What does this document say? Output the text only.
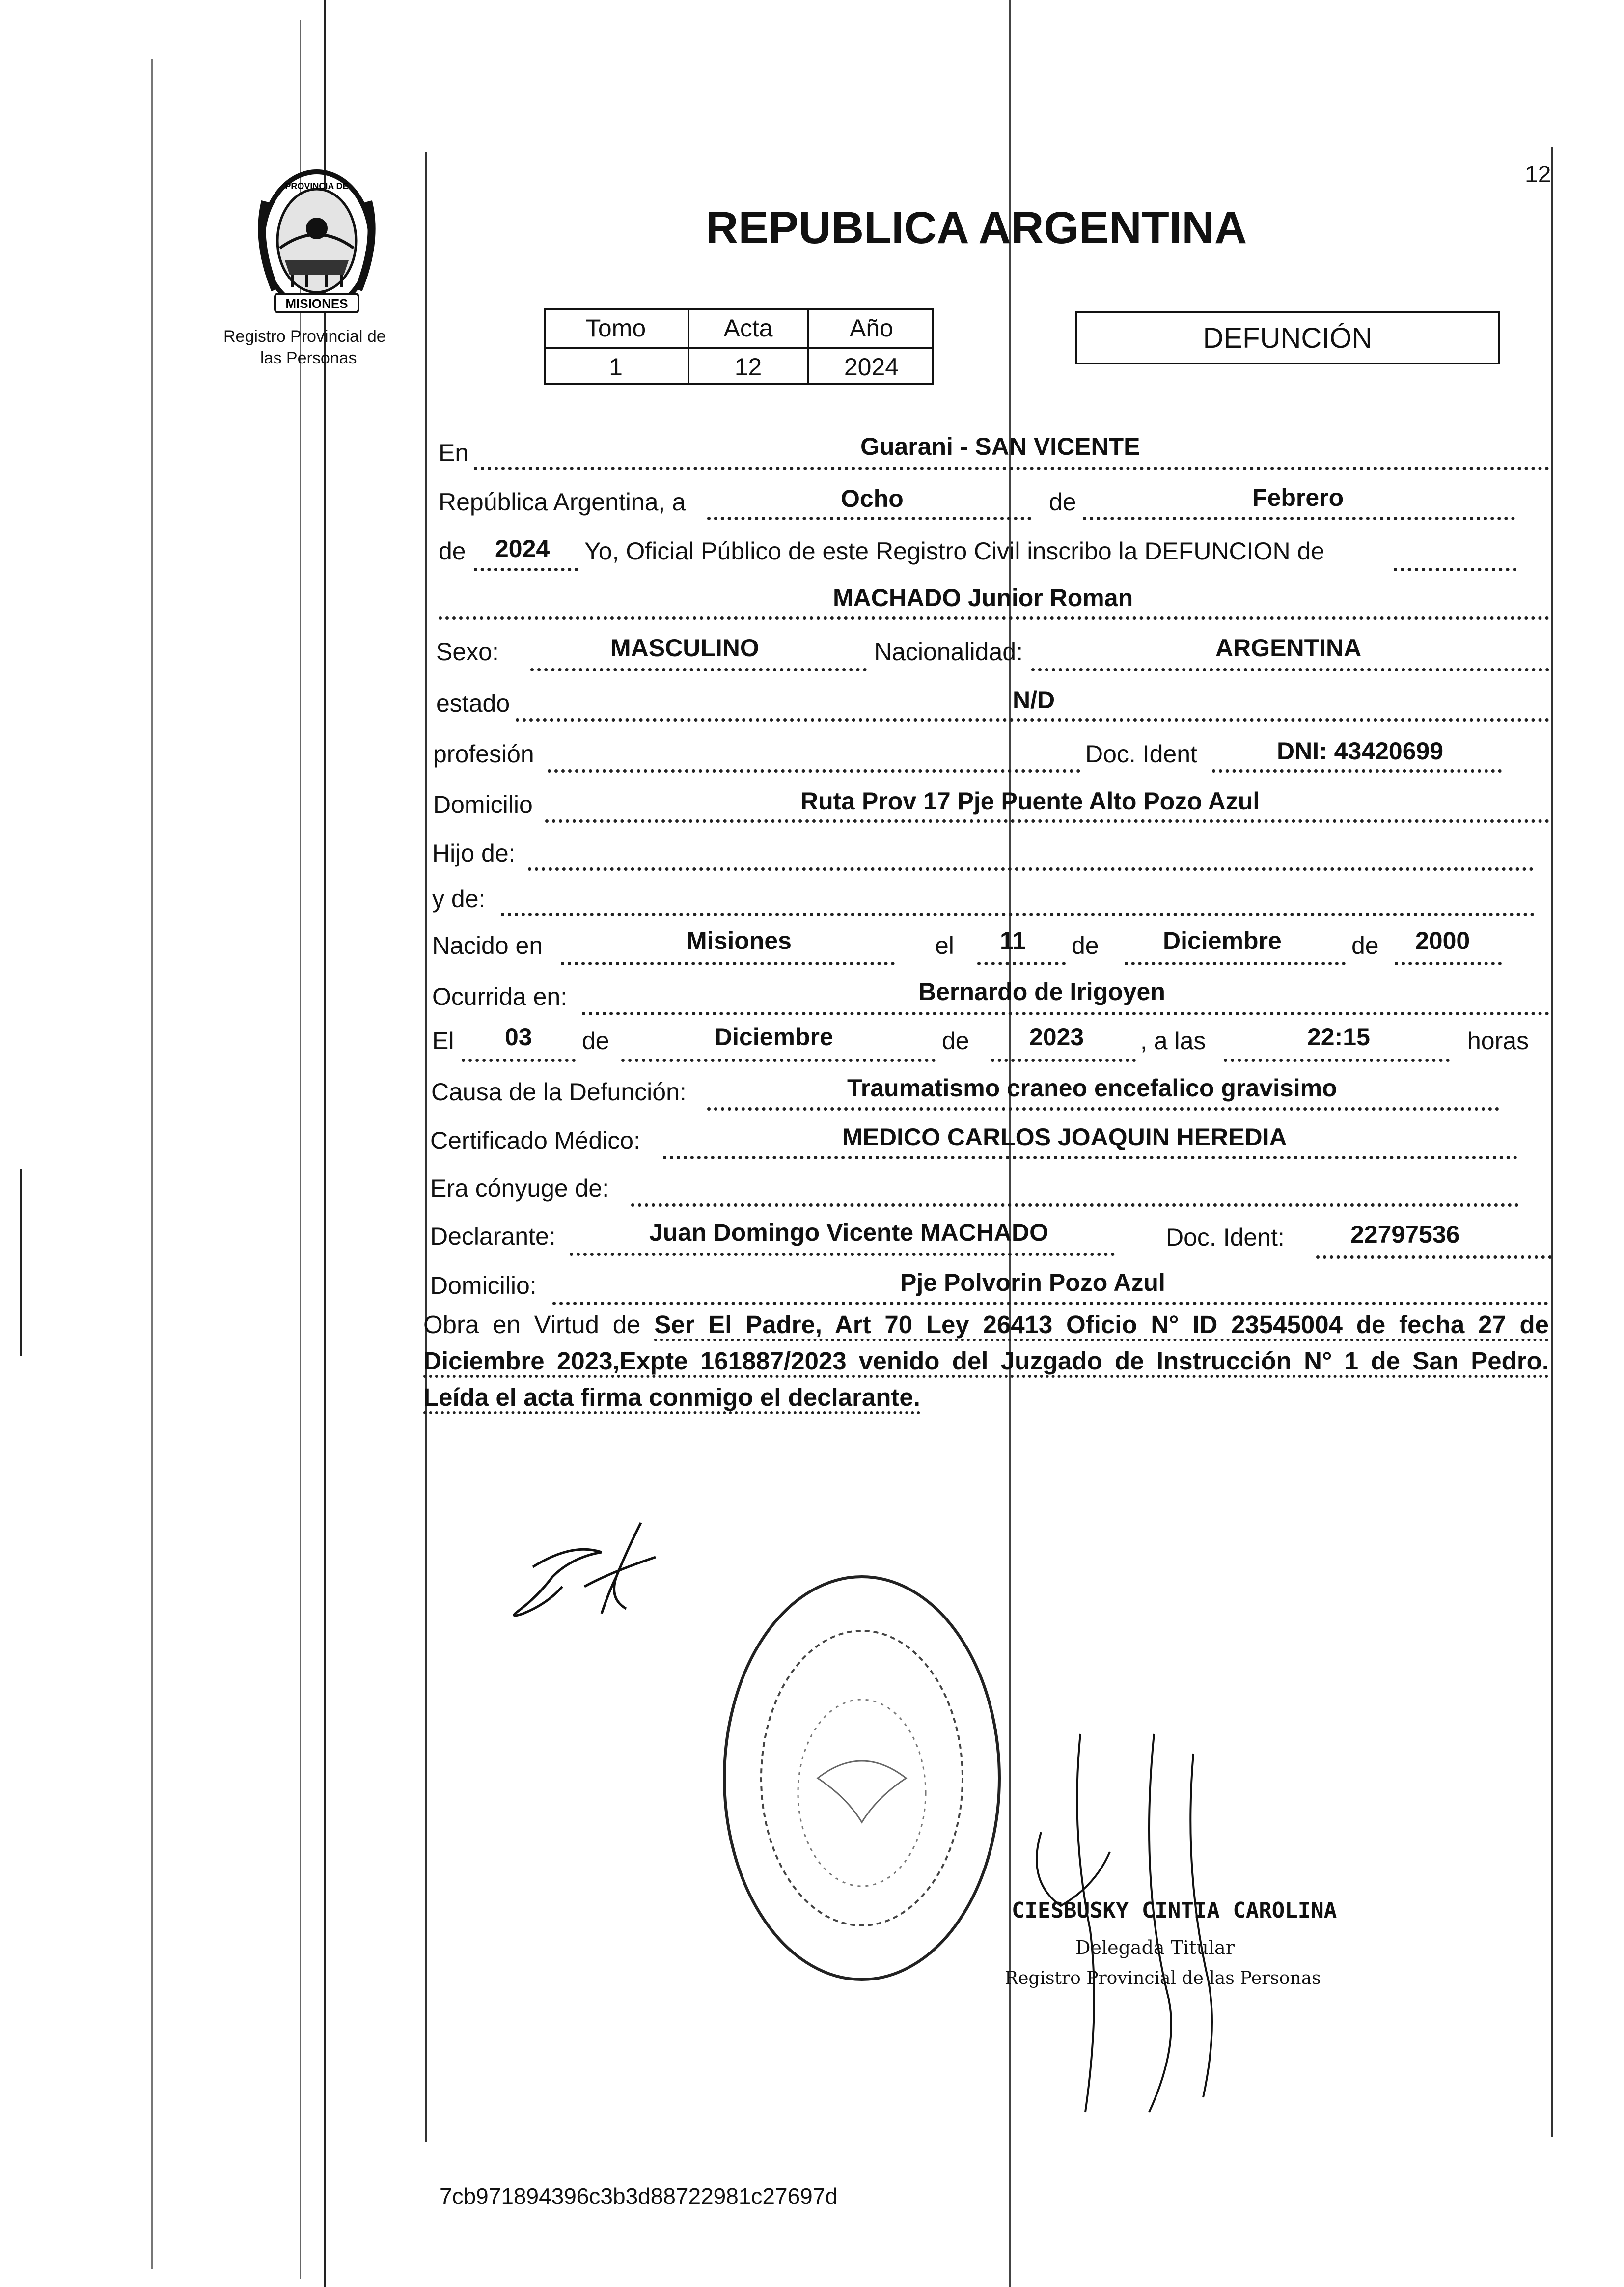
12
MISIONES
PROVINCIA DE
Registro Provincial de
las Personas
REPUBLICA ARGENTINA
Tomo	Acta	Año
1	12	2024
DEFUNCIÓN
En	Guarani - SAN VICENTE
República Argentina, a	Ocho	de	Febrero
de 2024 Yo, Oficial Público de este Registro Civil inscribo la DEFUNCION de
MACHADO Junior Roman
Sexo:	MASCULINO	Nacionalidad:	ARGENTINA
estado	N/D
profesión	Doc. Ident	DNI: 43420699
Domicilio	Ruta Prov 17 Pje Puente Alto Pozo Azul
Hijo de:
y de:
Nacido en	Misiones	el 11 de	Diciembre	de 2000
Ocurrida en:	Bernardo de Irigoyen
El 03 de	Diciembre	de 2023 , a las	22:15	horas
Causa de la Defunción:	Traumatismo craneo encefalico gravisimo
Certificado Médico:	MEDICO CARLOS JOAQUIN HEREDIA
Era cónyuge de:
Declarante:	Juan Domingo Vicente MACHADO	Doc. Ident:	22797536
Domicilio:	Pje Polvorin Pozo Azul
Obra en Virtud de Ser El Padre, Art 70 Ley 26413 Oficio N° ID 23545004 de fecha 27 de Diciembre 2023,Expte 161887/2023 venido del Juzgado de Instrucción N° 1 de San Pedro. Leída el acta firma conmigo el declarante.
CIESBUSKY CINTIA CAROLINA
Delegada Titular
Registro Provincial de las Personas
7cb971894396c3b3d88722981c27697d
